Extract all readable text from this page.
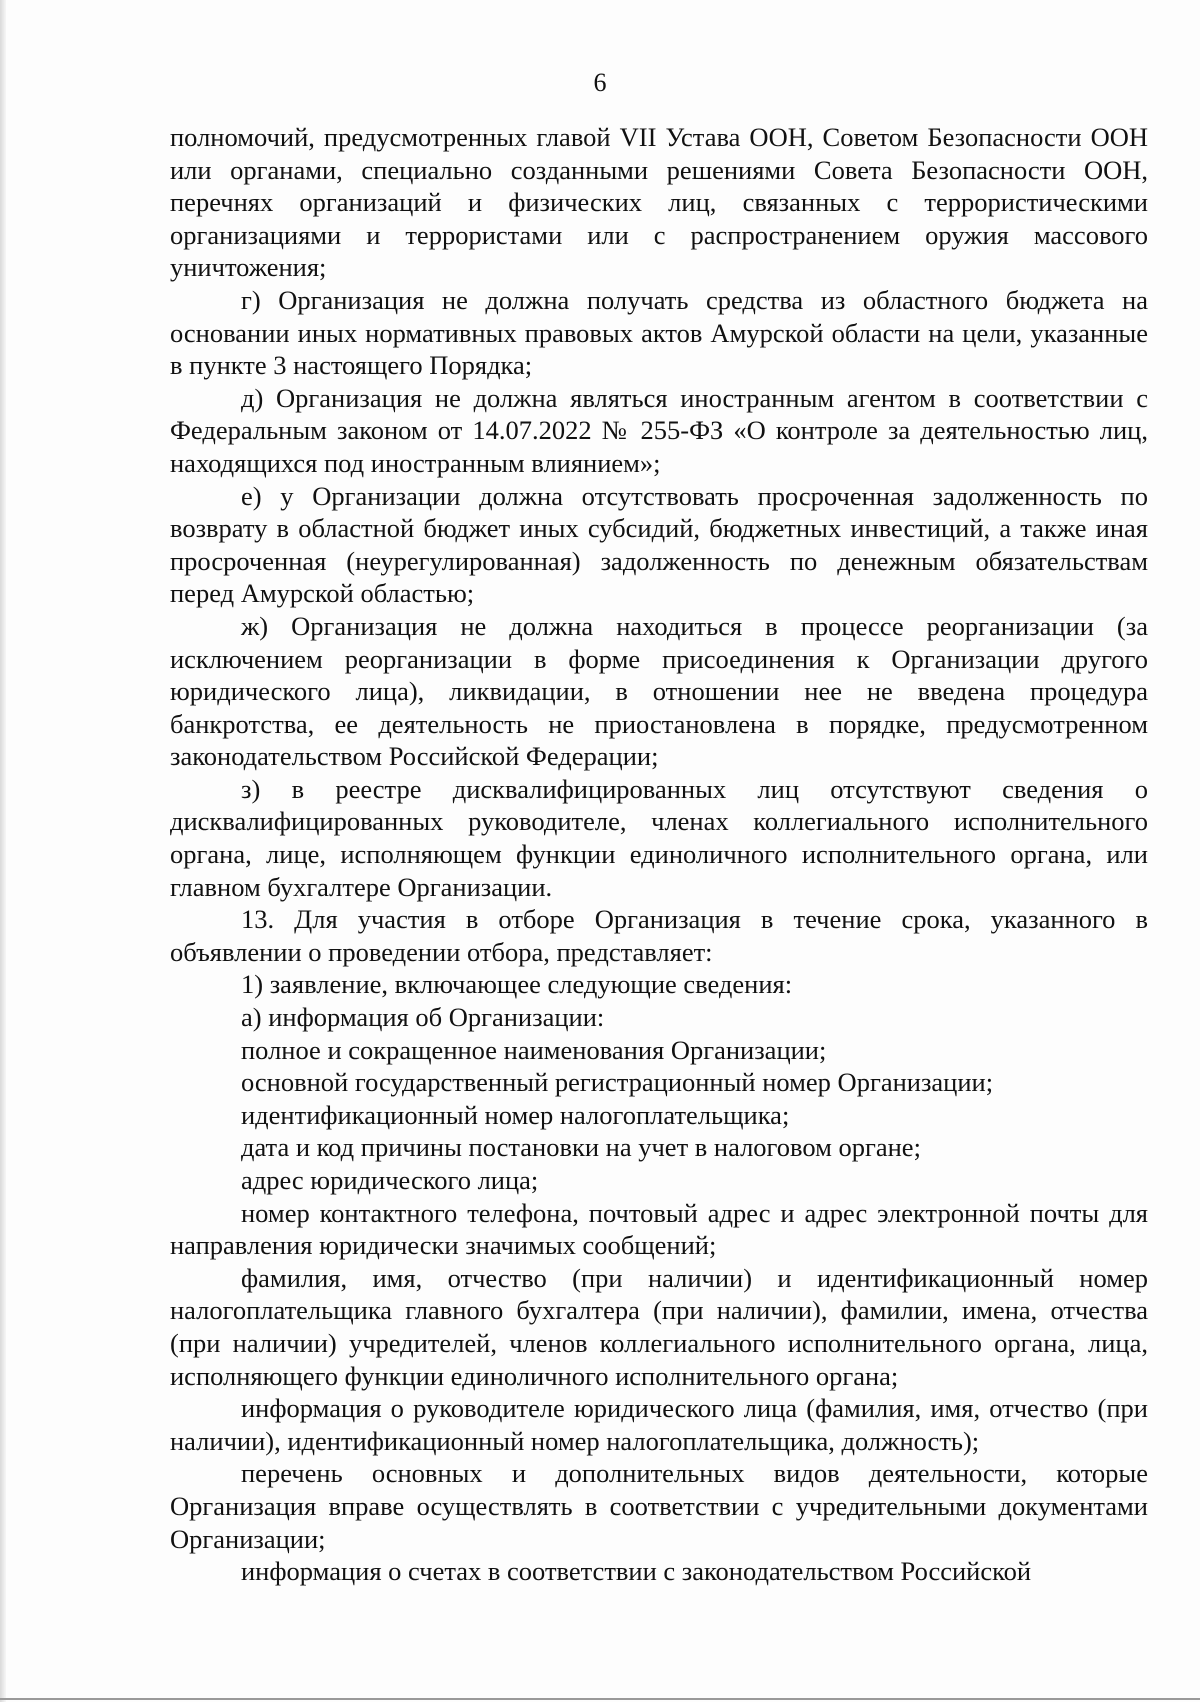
6

полномочий, предусмотренных главой VII Устава ООН, Советом Безопасности ООН или органами, специально созданными решениями Совета Безопасности ООН, перечнях организаций и физических лиц, связанных с террористическими организациями и террористами или с распространением оружия массового уничтожения;

г) Организация не должна получать средства из областного бюджета на основании иных нормативных правовых актов Амурской области на цели, указанные в пункте 3 настоящего Порядка;

д) Организация не должна являться иностранным агентом в соответствии с Федеральным законом от 14.07.2022 № 255-ФЗ «О контроле за деятельностью лиц, находящихся под иностранным влиянием»;

е) у Организации должна отсутствовать просроченная задолженность по возврату в областной бюджет иных субсидий, бюджетных инвестиций, а также иная просроченная (неурегулированная) задолженность по денежным обязательствам перед Амурской областью;

ж) Организация не должна находиться в процессе реорганизации (за исключением реорганизации в форме присоединения к Организации другого юридического лица), ликвидации, в отношении нее не введена процедура банкротства, ее деятельность не приостановлена в порядке, предусмотренном законодательством Российской Федерации;

з) в реестре дисквалифицированных лиц отсутствуют сведения о дисквалифицированных руководителе, членах коллегиального исполнительного органа, лице, исполняющем функции единоличного исполнительного органа, или главном бухгалтере Организации.

13. Для участия в отборе Организация в течение срока, указанного в объявлении о проведении отбора, представляет:

1) заявление, включающее следующие сведения:

а) информация об Организации:

полное и сокращенное наименования Организации;

основной государственный регистрационный номер Организации;

идентификационный номер налогоплательщика;

дата и код причины постановки на учет в налоговом органе;

адрес юридического лица;

номер контактного телефона, почтовый адрес и адрес электронной почты для направления юридически значимых сообщений;

фамилия, имя, отчество (при наличии) и идентификационный номер налогоплательщика главного бухгалтера (при наличии), фамилии, имена, отчества (при наличии) учредителей, членов коллегиального исполнительного органа, лица, исполняющего функции единоличного исполнительного органа;

информация о руководителе юридического лица (фамилия, имя, отчество (при наличии), идентификационный номер налогоплательщика, должность);

перечень основных и дополнительных видов деятельности, которые Организация вправе осуществлять в соответствии с учредительными документами Организации;

информация о счетах в соответствии с законодательством Российской
